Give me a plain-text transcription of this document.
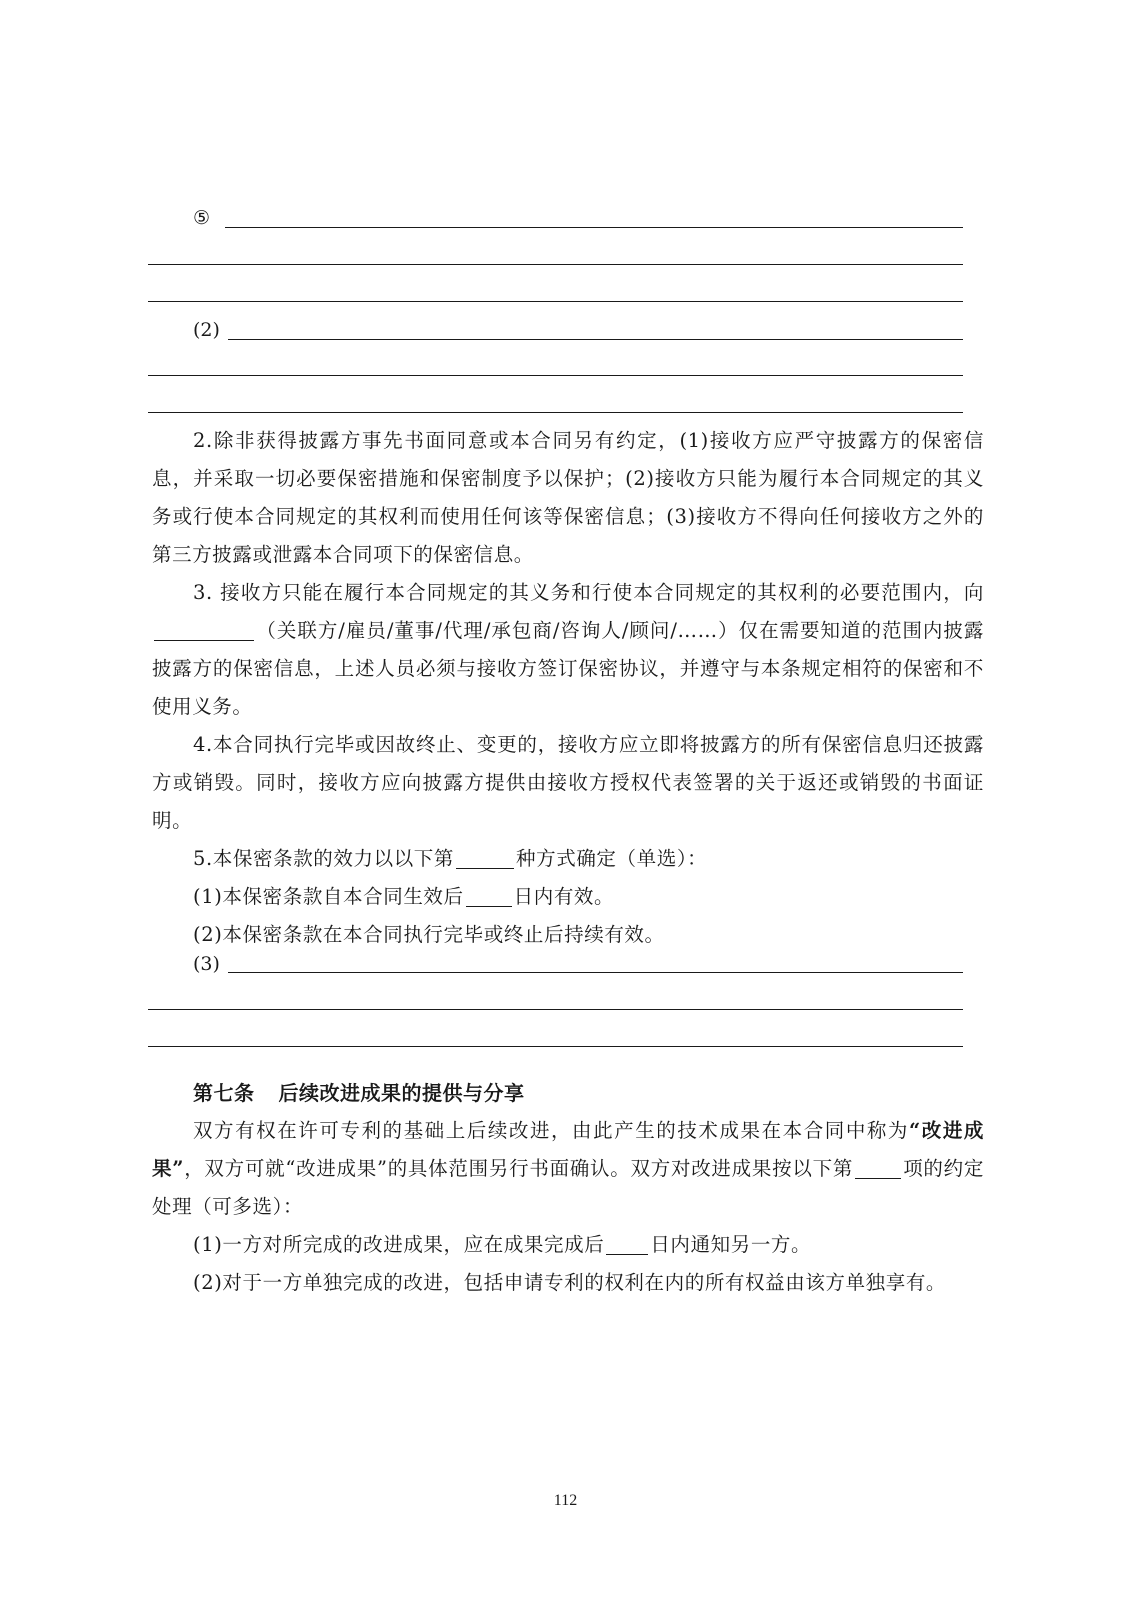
⑤
(2)
2.除非获得披露方事先书面同意或本合同另有约定，(1)接收方应严守披露方的保密信息，并采取一切必要保密措施和保密制度予以保护；(2)接收方只能为履行本合同规定的其义务或行使本合同规定的其权利而使用任何该等保密信息；(3)接收方不得向任何接收方之外的第三方披露或泄露本合同项下的保密信息。
3. 接收方只能在履行本合同规定的其义务和行使本合同规定的其权利的必要范围内，向（关联方/雇员/董事/代理/承包商/咨询人/顾问/……）仅在需要知道的范围内披露披露方的保密信息，上述人员必须与接收方签订保密协议，并遵守与本条规定相符的保密和不使用义务。
4.本合同执行完毕或因故终止、变更的，接收方应立即将披露方的所有保密信息归还披露方或销毁。同时，接收方应向披露方提供由接收方授权代表签署的关于返还或销毁的书面证明。
5.本保密条款的效力以以下第	种方式确定（单选）：
(1)本保密条款自本合同生效后	日内有效。
(2)本保密条款在本合同执行完毕或终止后持续有效。
(3)
第七条 后续改进成果的提供与分享
双方有权在许可专利的基础上后续改进，由此产生的技术成果在本合同中称为“改进成果”，双方可就“改进成果”的具体范围另行书面确认。双方对改进成果按以下第	项的约定处理（可多选）：
(1)一方对所完成的改进成果，应在成果完成后 日内通知另一方。
(2)对于一方单独完成的改进，包括申请专利的权利在内的所有权益由该方单独享有。
112
